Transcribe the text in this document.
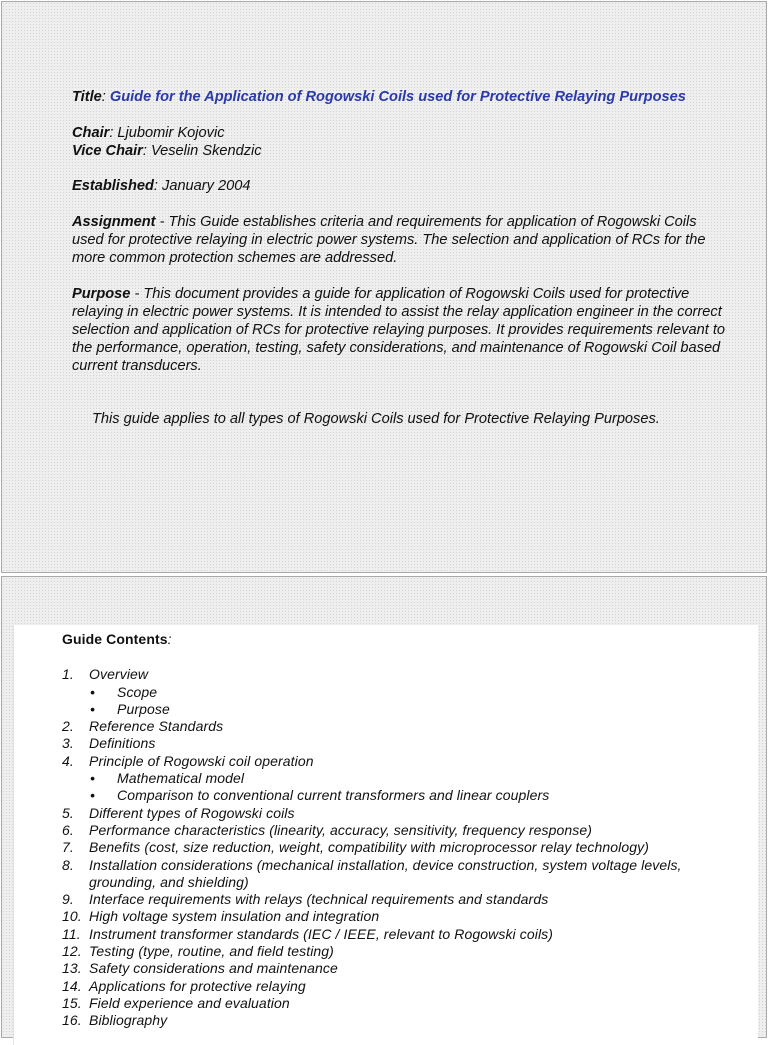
Title: Guide for the Application of Rogowski Coils used for Protective Relaying Purposes
Chair: Ljubomir Kojovic
Vice Chair: Veselin Skendzic
Established: January 2004
Assignment - This Guide establishes criteria and requirements for application of Rogowski Coils used for protective relaying in electric power systems. The selection and application of RCs for the more common protection schemes are addressed.
Purpose - This document provides a guide for application of Rogowski Coils used for protective relaying in electric power systems. It is intended to assist the relay application engineer in the correct selection and application of RCs for protective relaying purposes. It provides requirements relevant to the performance, operation, testing, safety considerations, and maintenance of Rogowski Coil based current transducers.
This guide applies to all types of Rogowski Coils used for Protective Relaying Purposes.
Guide Contents:
1.	Overview
•	Scope
•	Purpose
2.	Reference Standards
3.	Definitions
4.	Principle of Rogowski coil operation
•	Mathematical model
•	Comparison to conventional current transformers and linear couplers
5.	Different types of Rogowski coils
6.	Performance characteristics (linearity, accuracy, sensitivity, frequency response)
7.	Benefits (cost, size reduction, weight, compatibility with microprocessor relay technology)
8.	Installation considerations (mechanical installation, device construction, system voltage levels, grounding, and shielding)
9.	Interface requirements with relays (technical requirements and standards
10. High voltage system insulation and integration
11. Instrument transformer standards (IEC / IEEE, relevant to Rogowski coils)
12. Testing (type, routine, and field testing)
13. Safety considerations and maintenance
14. Applications for protective relaying
15. Field experience and evaluation
16. Bibliography
